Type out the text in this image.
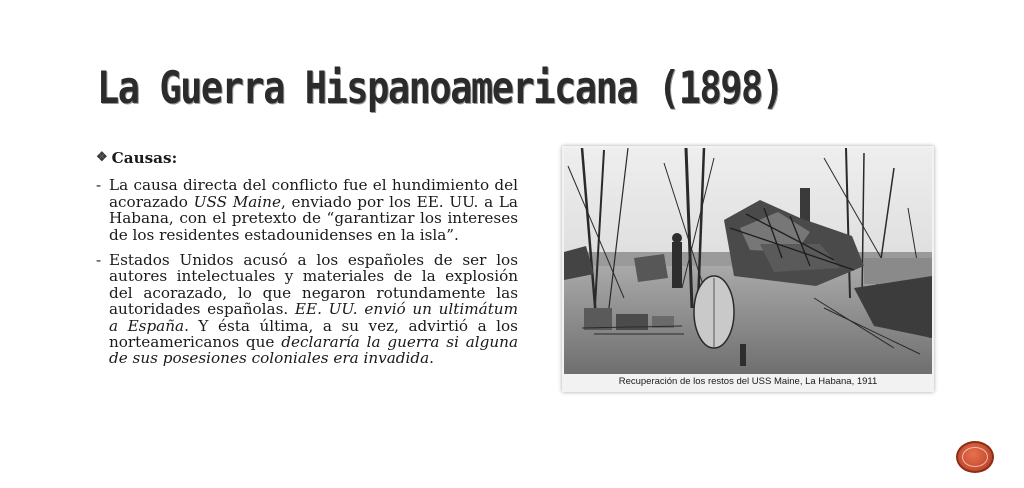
La Guerra Hispanoamericana (1898)
❖ Causas:
- La causa directa del conflicto fue el hundimiento del acorazado USS Maine, enviado por los EE. UU. a La Habana, con el pretexto de “garantizar los intereses de los residentes estadounidenses en la isla”.
- Estados Unidos acusó a los españoles de ser los autores intelectuales y materiales de la explosión del acorazado, lo que negaron rotundamente las autoridades españolas. EE. UU. envió un ultimátum a España. Y ésta última, a su vez, advirtió a los norteamericanos que declararía la guerra si alguna de sus posesiones coloniales era invadida.
Recuperación de los restos del USS Maine, La Habana, 1911
